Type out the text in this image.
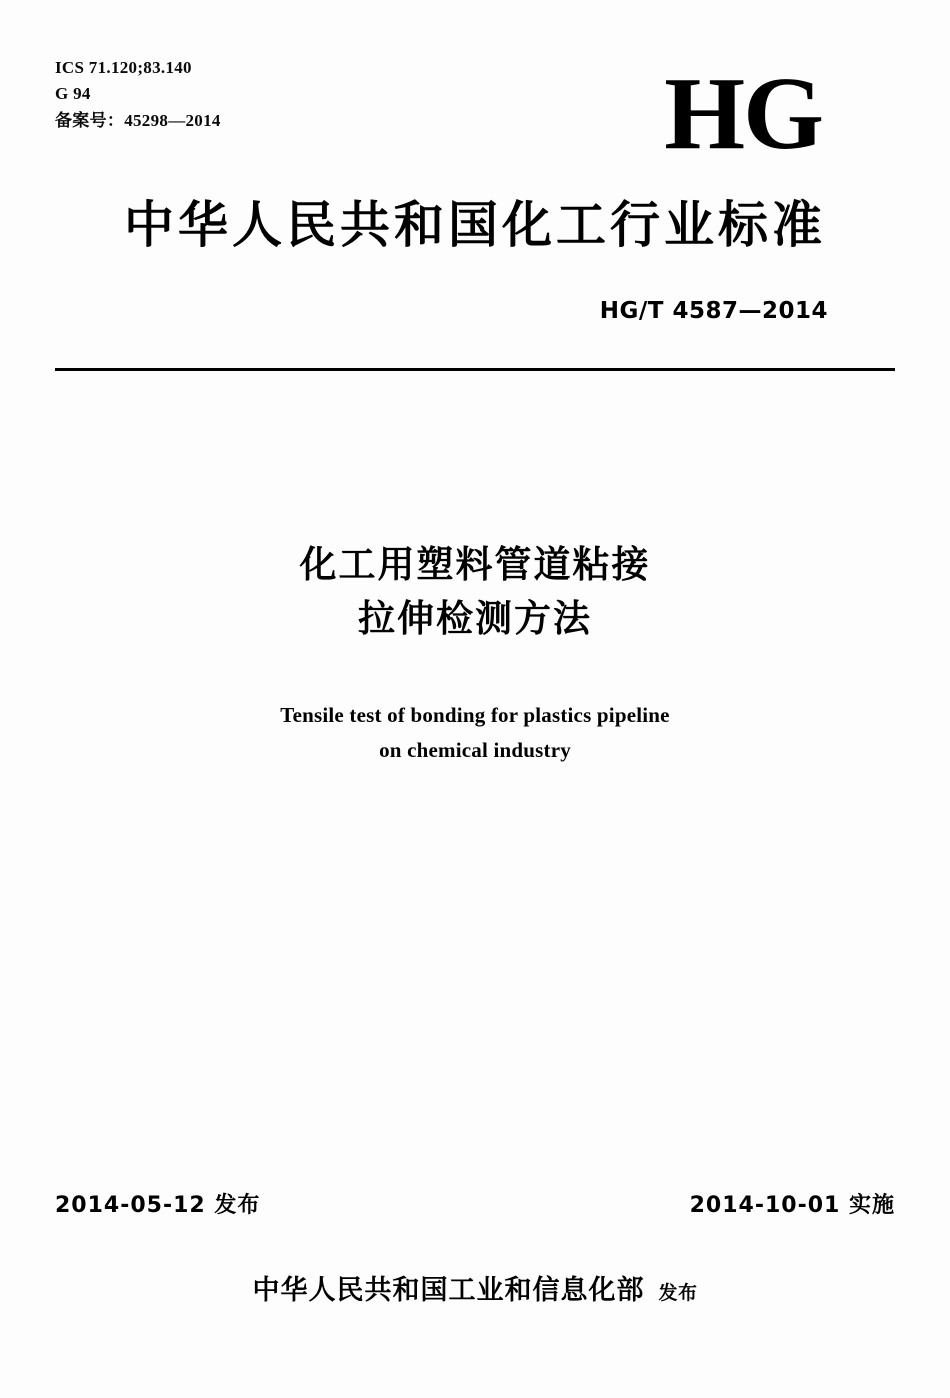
ICS 71.120;83.140
G 94
备案号：45298—2014	HG
中华人民共和国化工行业标准
HG/T 4587—2014
化工用塑料管道粘接
拉伸检测方法
Tensile test of bonding for plastics pipeline
on chemical industry
2014-05-12 发布	2014-10-01 实施
中华人民共和国工业和信息化部 发布
